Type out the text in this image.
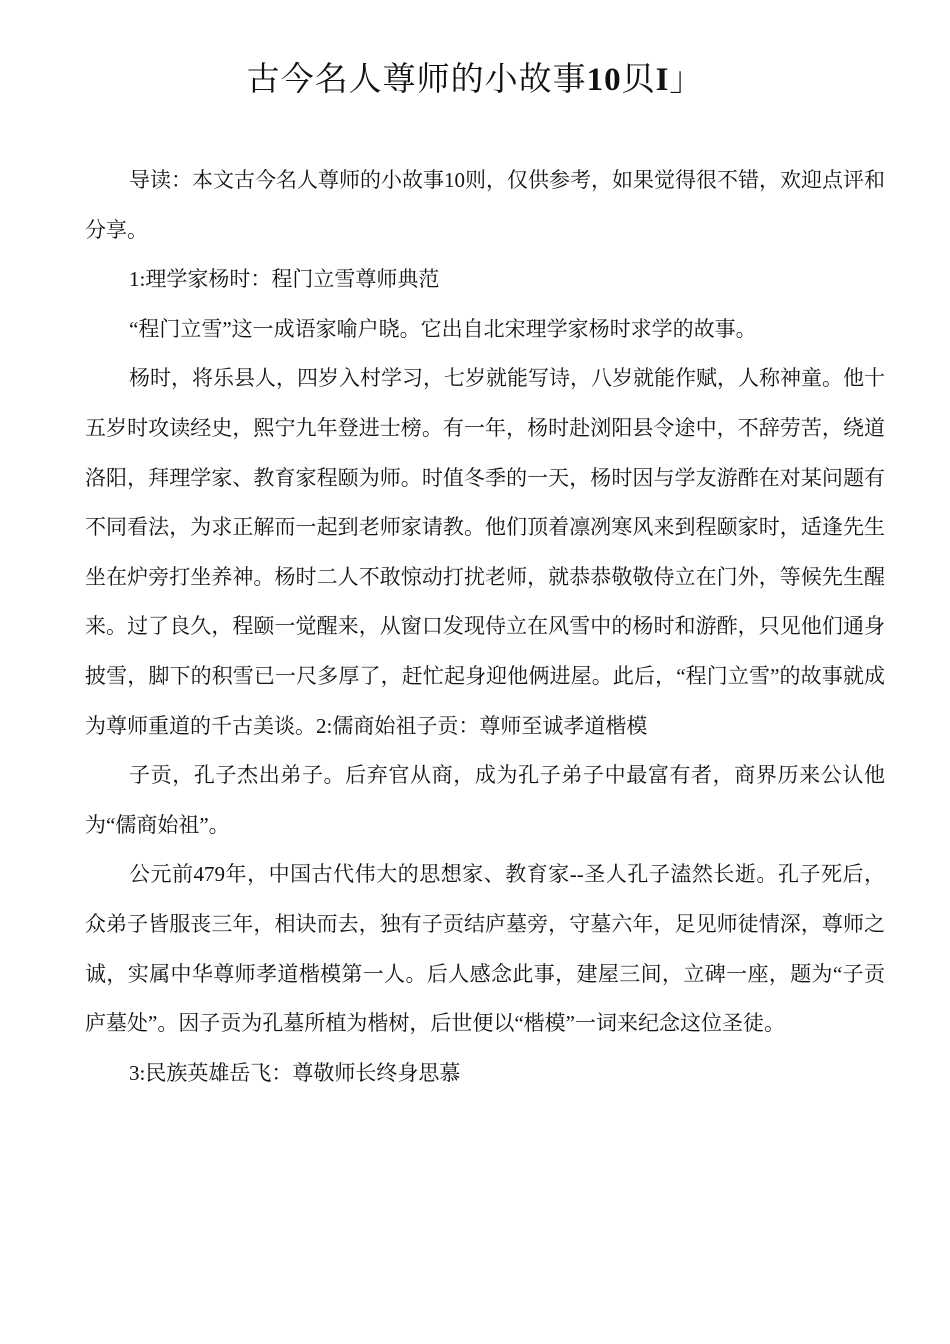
古今名人尊师的小故事10贝I」

导读：本文古今名人尊师的小故事10则，仅供参考，如果觉得很不错，欢迎点评和分享。

1:理学家杨时：程门立雪尊师典范

“程门立雪”这一成语家喻户晓。它出自北宋理学家杨时求学的故事。

杨时，将乐县人，四岁入村学习，七岁就能写诗，八岁就能作赋，人称神童。他十五岁时攻读经史，熙宁九年登进士榜。有一年，杨时赴浏阳县令途中，不辞劳苦，绕道洛阳，拜理学家、教育家程颐为师。时值冬季的一天，杨时因与学友游酢在对某问题有不同看法，为求正解而一起到老师家请教。他们顶着凛冽寒风来到程颐家时，适逢先生坐在炉旁打坐养神。杨时二人不敢惊动打扰老师，就恭恭敬敬侍立在门外，等候先生醒来。过了良久，程颐一觉醒来，从窗口发现侍立在风雪中的杨时和游酢，只见他们通身披雪，脚下的积雪已一尺多厚了，赶忙起身迎他俩进屋。此后，“程门立雪”的故事就成为尊师重道的千古美谈。2:儒商始祖子贡：尊师至诚孝道楷模

子贡，孔子杰出弟子。后弃官从商，成为孔子弟子中最富有者，商界历来公认他为“儒商始祖”。

公元前479年，中国古代伟大的思想家、教育家--圣人孔子溘然长逝。孔子死后，众弟子皆服丧三年，相诀而去，独有子贡结庐墓旁，守墓六年，足见师徒情深，尊师之诚，实属中华尊师孝道楷模第一人。后人感念此事，建屋三间，立碑一座，题为“子贡庐墓处”。因子贡为孔墓所植为楷树，后世便以“楷模”一词来纪念这位圣徒。

3:民族英雄岳飞：尊敬师长终身思慕
